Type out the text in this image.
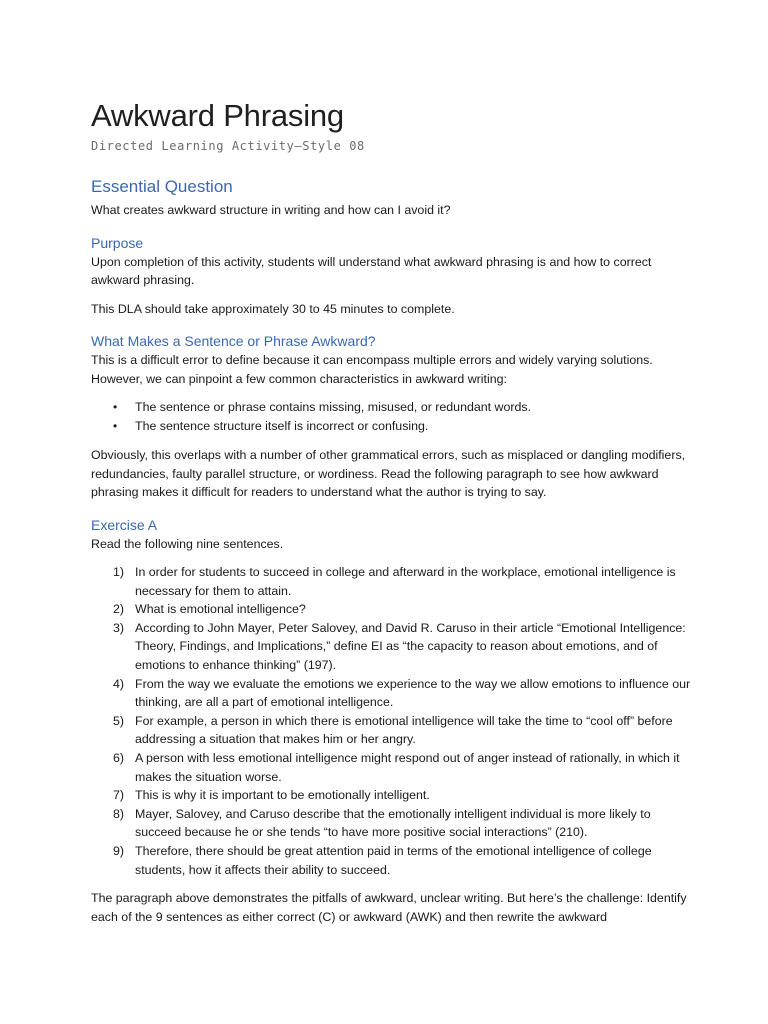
Awkward Phrasing
Directed Learning Activity—Style 08
Essential Question

What creates awkward structure in writing and how can I avoid it?

Purpose

Upon completion of this activity, students will understand what awkward phrasing is and how to correct awkward phrasing.

This DLA should take approximately 30 to 45 minutes to complete.

What Makes a Sentence or Phrase Awkward?

This is a difficult error to define because it can encompass multiple errors and widely varying solutions. However, we can pinpoint a few common characteristics in awkward writing:

• The sentence or phrase contains missing, misused, or redundant words.
• The sentence structure itself is incorrect or confusing.

Obviously, this overlaps with a number of other grammatical errors, such as misplaced or dangling modifiers, redundancies, faulty parallel structure, or wordiness. Read the following paragraph to see how awkward phrasing makes it difficult for readers to understand what the author is trying to say.

Exercise A

Read the following nine sentences.

1) In order for students to succeed in college and afterward in the workplace, emotional intelligence is necessary for them to attain.
2) What is emotional intelligence?
3) According to John Mayer, Peter Salovey, and David R. Caruso in their article “Emotional Intelligence: Theory, Findings, and Implications,” define EI as “the capacity to reason about emotions, and of emotions to enhance thinking” (197).
4) From the way we evaluate the emotions we experience to the way we allow emotions to influence our thinking, are all a part of emotional intelligence.
5) For example, a person in which there is emotional intelligence will take the time to “cool off” before addressing a situation that makes him or her angry.
6) A person with less emotional intelligence might respond out of anger instead of rationally, in which it makes the situation worse.
7) This is why it is important to be emotionally intelligent.
8) Mayer, Salovey, and Caruso describe that the emotionally intelligent individual is more likely to succeed because he or she tends “to have more positive social interactions” (210).
9) Therefore, there should be great attention paid in terms of the emotional intelligence of college students, how it affects their ability to succeed.

The paragraph above demonstrates the pitfalls of awkward, unclear writing. But here’s the challenge: Identify each of the 9 sentences as either correct (C) or awkward (AWK) and then rewrite the awkward
